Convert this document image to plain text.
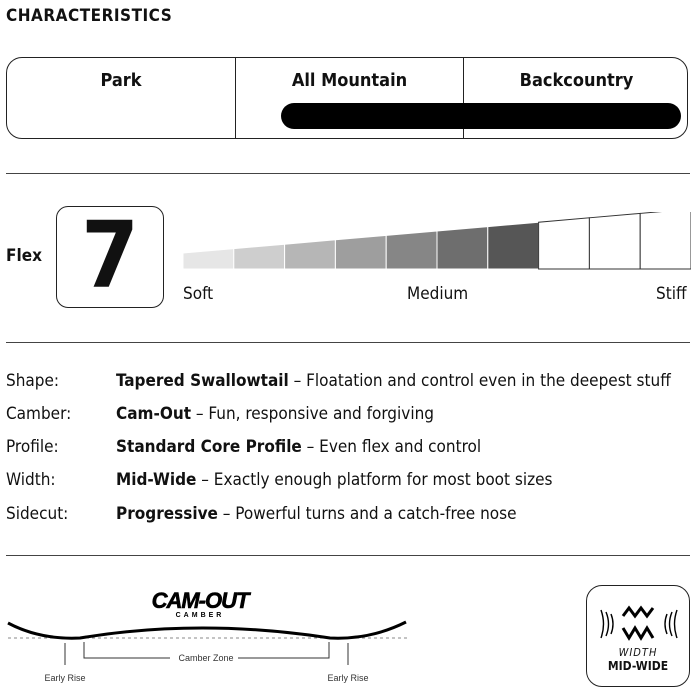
CHARACTERISTICS
Park	All Mountain	Backcountry
Flex 7	Soft	Medium	Stiff
Shape:	Tapered Swallowtail – Floatation and control even in the deepest stuff
Camber:	Cam-Out – Fun, responsive and forgiving
Profile:	Standard Core Profile – Even flex and control
Width:	Mid-Wide – Exactly enough platform for most boot sizes
Sidecut:	Progressive – Powerful turns and a catch-free nose
CAM-OUT
CAMBER
Camber Zone
Early Rise	Early Rise
WIDTH
MID-WIDE
